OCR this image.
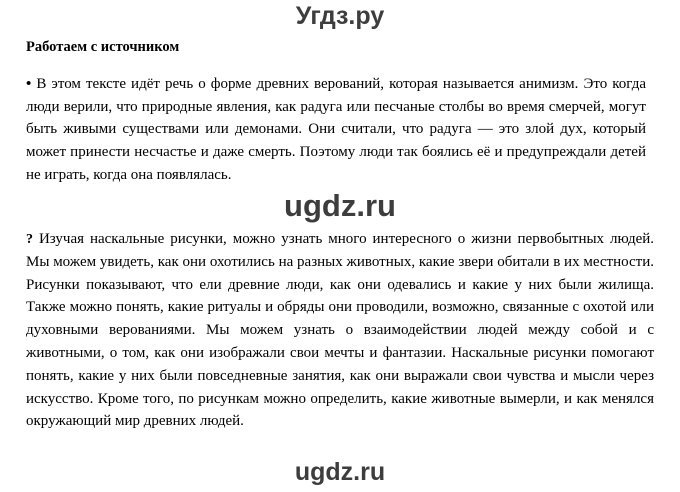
Угдз.ру
Работаем с источником

• В этом тексте идёт речь о форме древних верований, которая называется анимизм. Это когда люди верили, что природные явления, как радуга или песчаные столбы во время смерчей, могут быть живыми существами или демонами. Они считали, что радуга — это злой дух, который может принести несчастье и даже смерть. Поэтому люди так боялись её и предупреждали детей не играть, когда она появлялась.

ugdz.ru

? Изучая наскальные рисунки, можно узнать много интересного о жизни первобытных людей. Мы можем увидеть, как они охотились на разных животных, какие звери обитали в их местности. Рисунки показывают, что ели древние люди, как они одевались и какие у них были жилища. Также можно понять, какие ритуалы и обряды они проводили, возможно, связанные с охотой или духовными верованиями. Мы можем узнать о взаимодействии людей между собой и с животными, о том, как они изображали свои мечты и фантазии. Наскальные рисунки помогают понять, какие у них были повседневные занятия, как они выражали свои чувства и мысли через искусство. Кроме того, по рисункам можно определить, какие животные вымерли, и как менялся окружающий мир древних людей.

ugdz.ru
